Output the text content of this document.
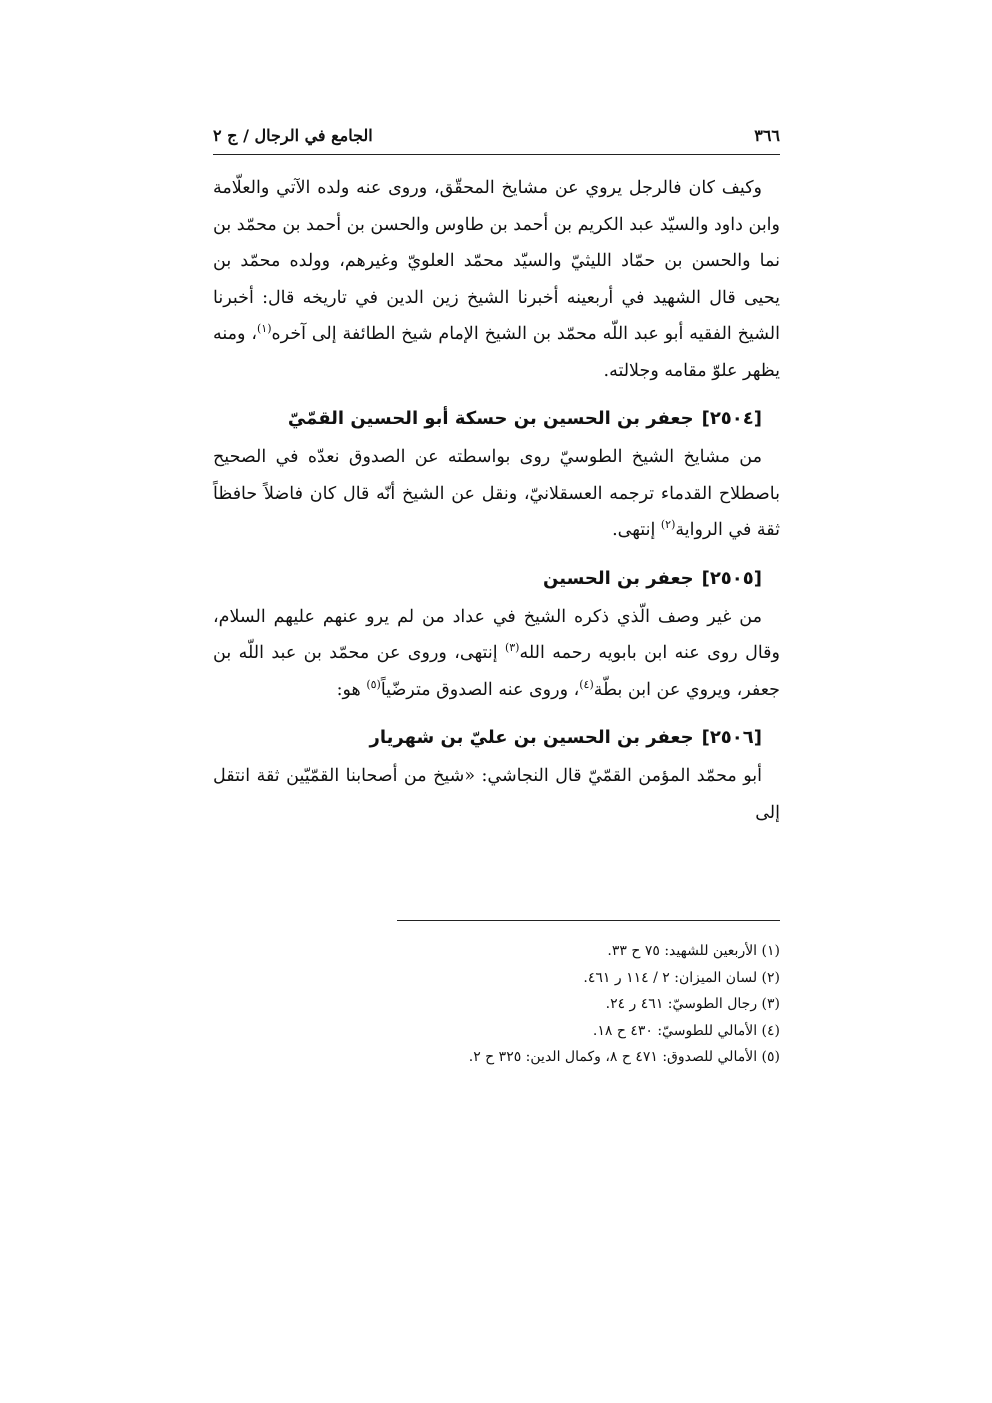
٣٦٦
الجامع في الرجال / ج ٢

وكيف كان فالرجل يروي عن مشايخ المحقّق، وروى عنه ولده الآتي والعلّامة وابن داود والسيّد عبد الكريم بن أحمد بن طاوس والحسن بن أحمد بن محمّد بن نما والحسن بن حمّاد الليثيّ والسيّد محمّد العلويّ وغيرهم، وولده محمّد بن يحيى قال الشهيد في أربعينه أخبرنا الشيخ زين الدين في تاريخه قال: أخبرنا الشيخ الفقيه أبو عبد اللّه محمّد بن الشيخ الإمام شيخ الطائفة إلى آخره$^{(١)}$، ومنه يظهر علوّ مقامه وجلالته.

[٢٥٠٤]جعفر بن الحسين بن حسكة أبو الحسين القمّيّ

من مشايخ الشيخ الطوسيّ روى بواسطته عن الصدوق نعدّه في الصحيح باصطلاح القدماء ترجمه العسقلانيّ، ونقل عن الشيخ أنّه قال كان فاضلاً حافظاً ثقة في الرواية$^{(٢)}$ إنتهى.

[٢٥٠٥]جعفر بن الحسين

من غير وصف الّذي ذكره الشيخ في عداد من لم يرو عنهم عليهم السلام، وقال روى عنه ابن بابويه رحمه الله$^{(٣)}$ إنتهى، وروى عن محمّد بن عبد اللّه بن جعفر، ويروي عن ابن بطّة$^{(٤)}$، وروى عنه الصدوق مترضّياً$^{(٥)}$ هو:

[٢٥٠٦]جعفر بن الحسين بن عليّ بن شهريار

أبو محمّد المؤمن القمّيّ قال النجاشي: «شيخ من أصحابنا القمّيّين ثقة انتقل إلى

(١) الأربعين للشهيد: ٧٥ ح ٣٣.

(٢) لسان الميزان: ٢ / ١١٤ ر ٤٦١.

(٣) رجال الطوسيّ: ٤٦١ ر ٢٤.

(٤) الأمالي للطوسيّ: ٤٣٠ ح ١٨.

(٥) الأمالي للصدوق: ٤٧١ ح ٨، وكمال الدين: ٣٢٥ ح ٢.
